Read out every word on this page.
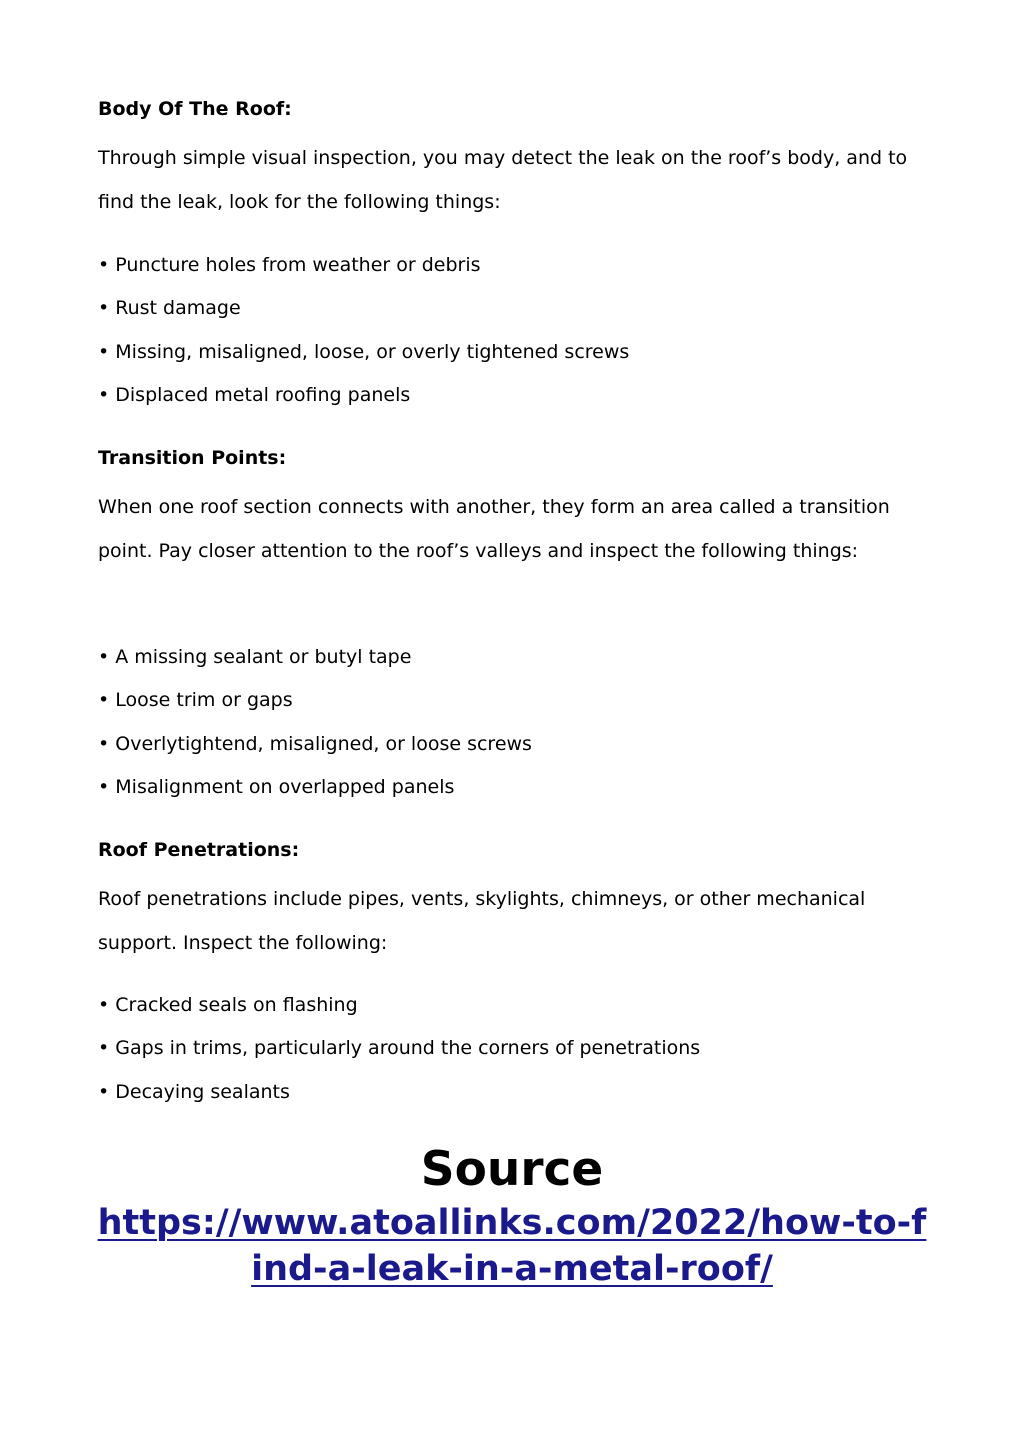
Body Of The Roof:

Through simple visual inspection, you may detect the leak on the roof’s body, and to find the leak, look for the following things:

• Puncture holes from weather or debris
• Rust damage
• Missing, misaligned, loose, or overly tightened screws
• Displaced metal roofing panels
Transition Points:

When one roof section connects with another, they form an area called a transition point. Pay closer attention to the roof’s valleys and inspect the following things:

• A missing sealant or butyl tape
• Loose trim or gaps
• Overlytightend, misaligned, or loose screws
• Misalignment on overlapped panels
Roof Penetrations:

Roof penetrations include pipes, vents, skylights, chimneys, or other mechanical support. Inspect the following:

• Cracked seals on flashing
• Gaps in trims, particularly around the corners of penetrations
• Decaying sealants
Source
https://www.atoallinks.com/2022/how-to-find-a-leak-in-a-metal-roof/
